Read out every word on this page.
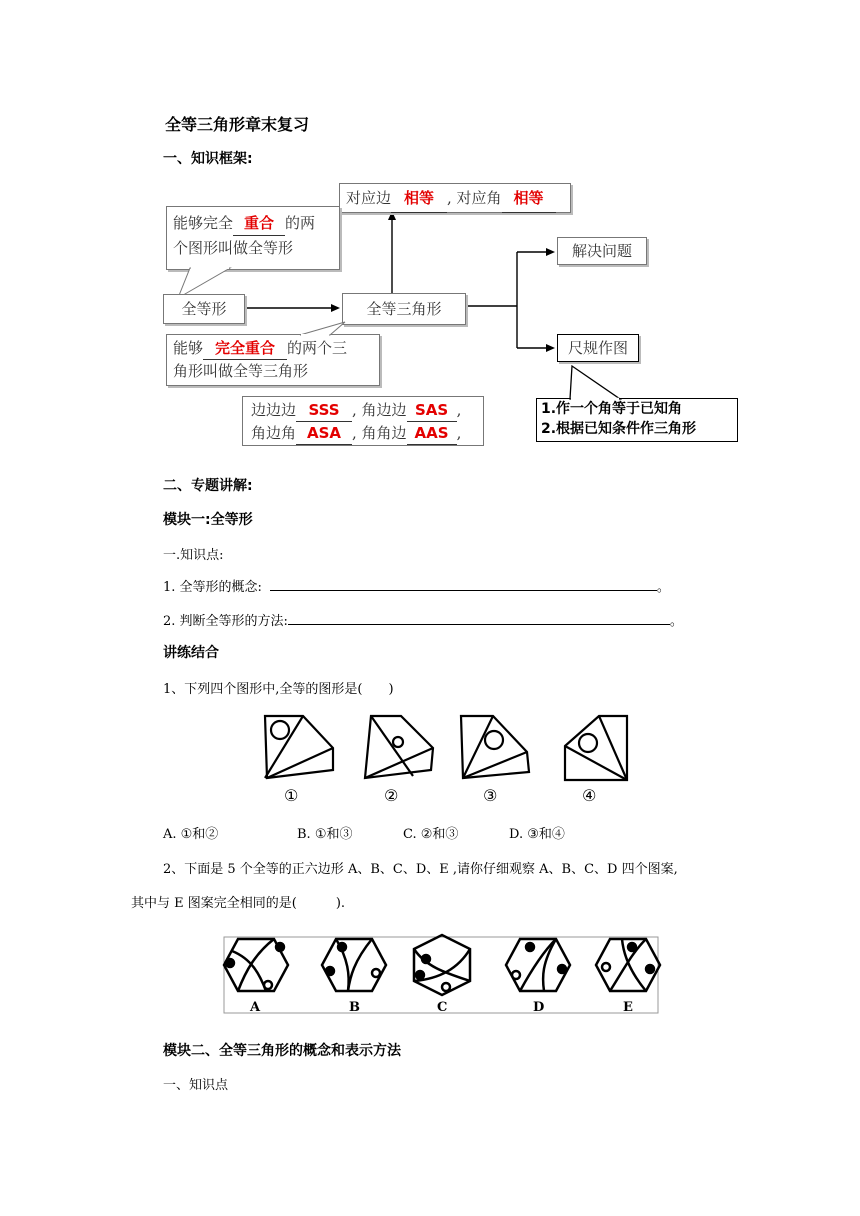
全等三角形章末复习
一、知识框架:
对应边 相等 , 对应角 相等
能够完全 重合 的两
个图形叫做全等形
全等形	全等三角形
能够 完全重合 的两个三
角形叫做全等三角形
边边边 SSS , 角边边 SAS ,
角边角 ASA , 角角边 AAS ,
解决问题
尺规作图
1.作一个角等于已知角
2.根据已知条件作三角形
二、专题讲解:
模块一:全等形
一.知识点:
1. 全等形的概念:	。
2. 判断全等形的方法:	。
讲练结合
1、下列四个图形中,全等的图形是(　　)
①	②	③	④
A. ①和②	B. ①和③	C. ②和③	D. ③和④
2、下面是 5 个全等的正六边形 A、B、C、D、E ,请你仔细观察 A、B、C、D 四个图案,
其中与 E 图案完全相同的是(　　　).
A	B	C	D	E
模块二、全等三角形的概念和表示方法
一、知识点
